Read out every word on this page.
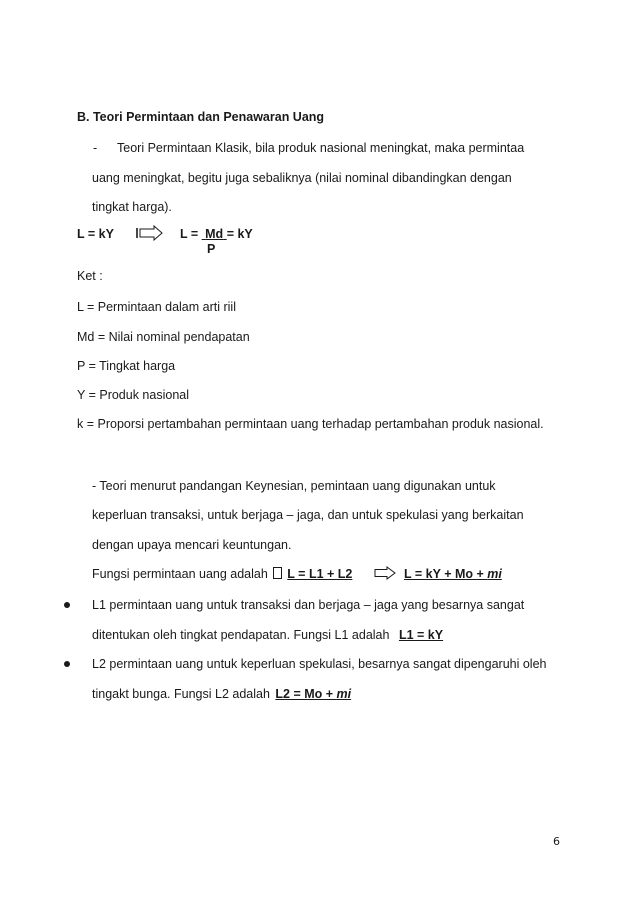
B. Teori Permintaan dan Penawaran Uang
- Teori Permintaan Klasik, bila produk nasional meningkat, maka permintaa
uang meningkat, begitu juga sebaliknya (nilai nominal dibandingkan dengan
tingkat harga).
L = kY	L =  Md = kY
P
Ket :
L = Permintaan dalam arti riil
Md = Nilai nominal pendapatan
P = Tingkat harga
Y = Produk nasional
k = Proporsi pertambahan permintaan uang terhadap pertambahan produk nasional.
- Teori menurut pandangan Keynesian, pemintaan uang digunakan untuk
keperluan transaksi, untuk berjaga – jaga, dan untuk spekulasi yang berkaitan
dengan upaya mencari keuntungan.
Fungsi permintaan uang adalah L = L1 + L2	L = kY + Mo + mi
L1 permintaan uang untuk transaksi dan berjaga – jaga yang besarnya sangat
ditentukan oleh tingkat pendapatan. Fungsi L1 adalah L1 = kY
L2 permintaan uang untuk keperluan spekulasi, besarnya sangat dipengaruhi oleh
tingakt bunga. Fungsi L2 adalah L2 = Mo + mi
6
